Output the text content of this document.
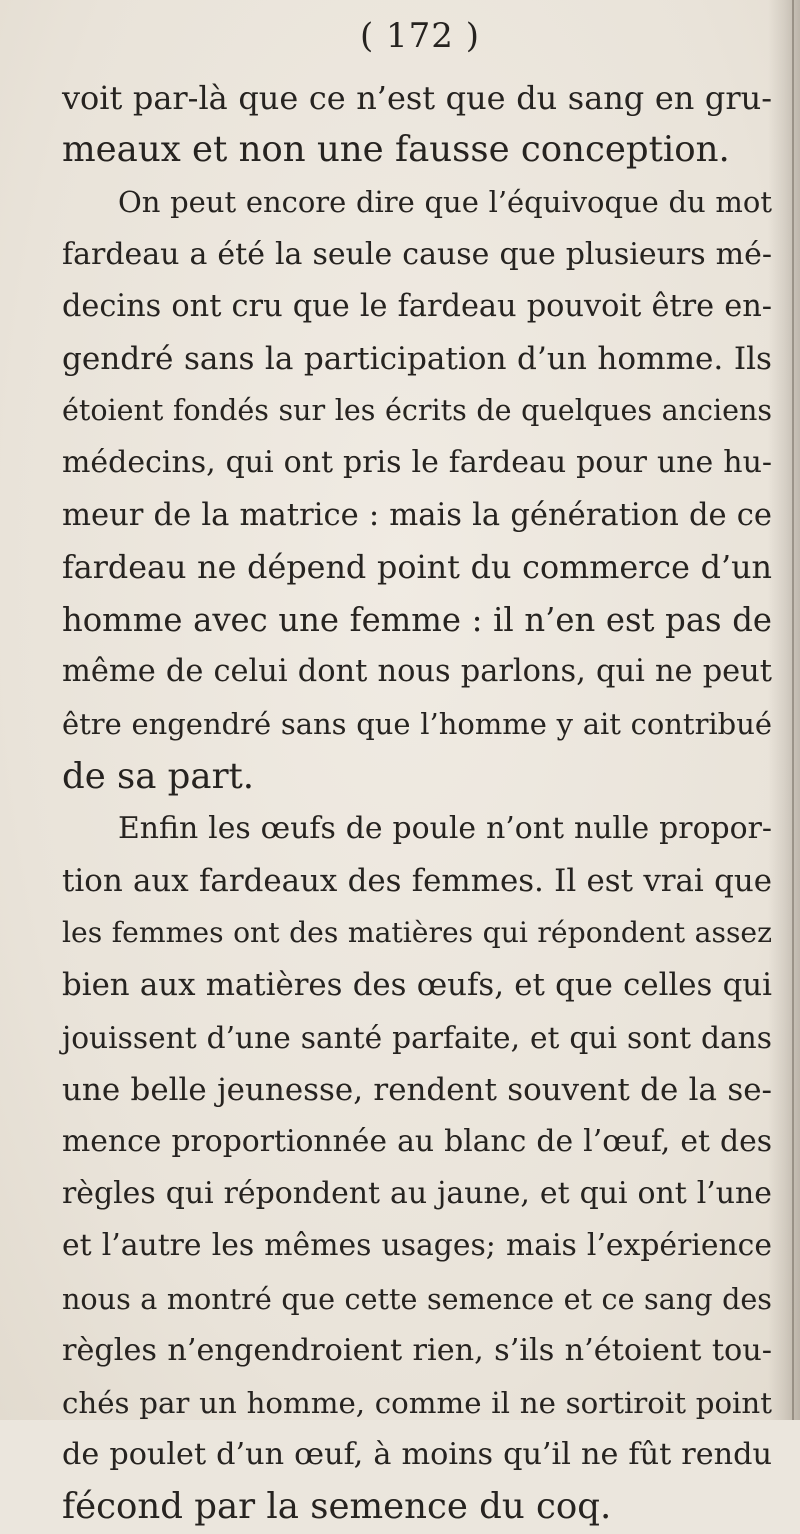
( 172 )
voit par-là que ce n’est que du sang en gru-
meaux et non une fausse conception.
On peut encore dire que l’équivoque du mot
fardeau a été la seule cause que plusieurs mé-
decins ont cru que le fardeau pouvoit être en-
gendré sans la participation d’un homme. Ils
étoient fondés sur les écrits de quelques anciens
médecins, qui ont pris le fardeau pour une hu-
meur de la matrice : mais la génération de ce
fardeau ne dépend point du commerce d’un
homme avec une femme : il n’en est pas de
même de celui dont nous parlons, qui ne peut
être engendré sans que l’homme y ait contribué
de sa part.
Enfin les œufs de poule n’ont nulle propor-
tion aux fardeaux des femmes. Il est vrai que
les femmes ont des matières qui répondent assez
bien aux matières des œufs, et que celles qui
jouissent d’une santé parfaite, et qui sont dans
une belle jeunesse, rendent souvent de la se-
mence proportionnée au blanc de l’œuf, et des
règles qui répondent au jaune, et qui ont l’une
et l’autre les mêmes usages; mais l’expérience
nous a montré que cette semence et ce sang des
règles n’engendroient rien, s’ils n’étoient tou-
chés par un homme, comme il ne sortiroit point
de poulet d’un œuf, à moins qu’il ne fût rendu
fécond par la semence du coq.
